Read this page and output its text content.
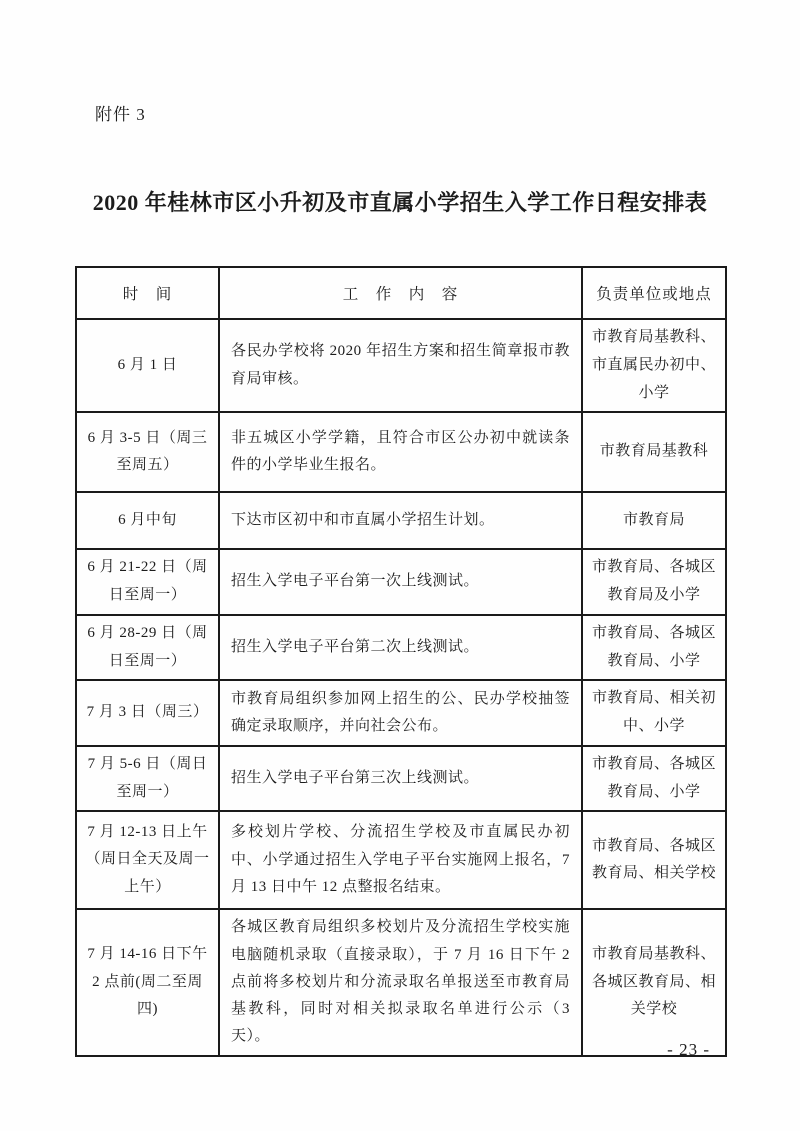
附件 3
2020 年桂林市区小升初及市直属小学招生入学工作日程安排表
时　间	工　作　内　容	负责单位或地点
6 月 1 日	各民办学校将 2020 年招生方案和招生简章报市教育局审核。	市教育局基教科、市直属民办初中、小学
6 月 3-5 日（周三至周五）	非五城区小学学籍，且符合市区公办初中就读条件的小学毕业生报名。	市教育局基教科
6 月中旬	下达市区初中和市直属小学招生计划。	市教育局
6 月 21-22 日（周日至周一）	招生入学电子平台第一次上线测试。	市教育局、各城区教育局及小学
6 月 28-29 日（周日至周一）	招生入学电子平台第二次上线测试。	市教育局、各城区教育局、小学
7 月 3 日（周三）	市教育局组织参加网上招生的公、民办学校抽签确定录取顺序，并向社会公布。	市教育局、相关初中、小学
7 月 5-6 日（周日至周一）	招生入学电子平台第三次上线测试。	市教育局、各城区教育局、小学
7 月 12-13 日上午（周日全天及周一上午）	多校划片学校、分流招生学校及市直属民办初中、小学通过招生入学电子平台实施网上报名，7 月 13 日中午 12 点整报名结束。	市教育局、各城区教育局、相关学校
7 月 14-16 日下午 2 点前(周二至周四)	各城区教育局组织多校划片及分流招生学校实施电脑随机录取（直接录取），于 7 月 16 日下午 2 点前将多校划片和分流录取名单报送至市教育局基教科，同时对相关拟录取名单进行公示（3 天）。	市教育局基教科、各城区教育局、相关学校
- 23 -
